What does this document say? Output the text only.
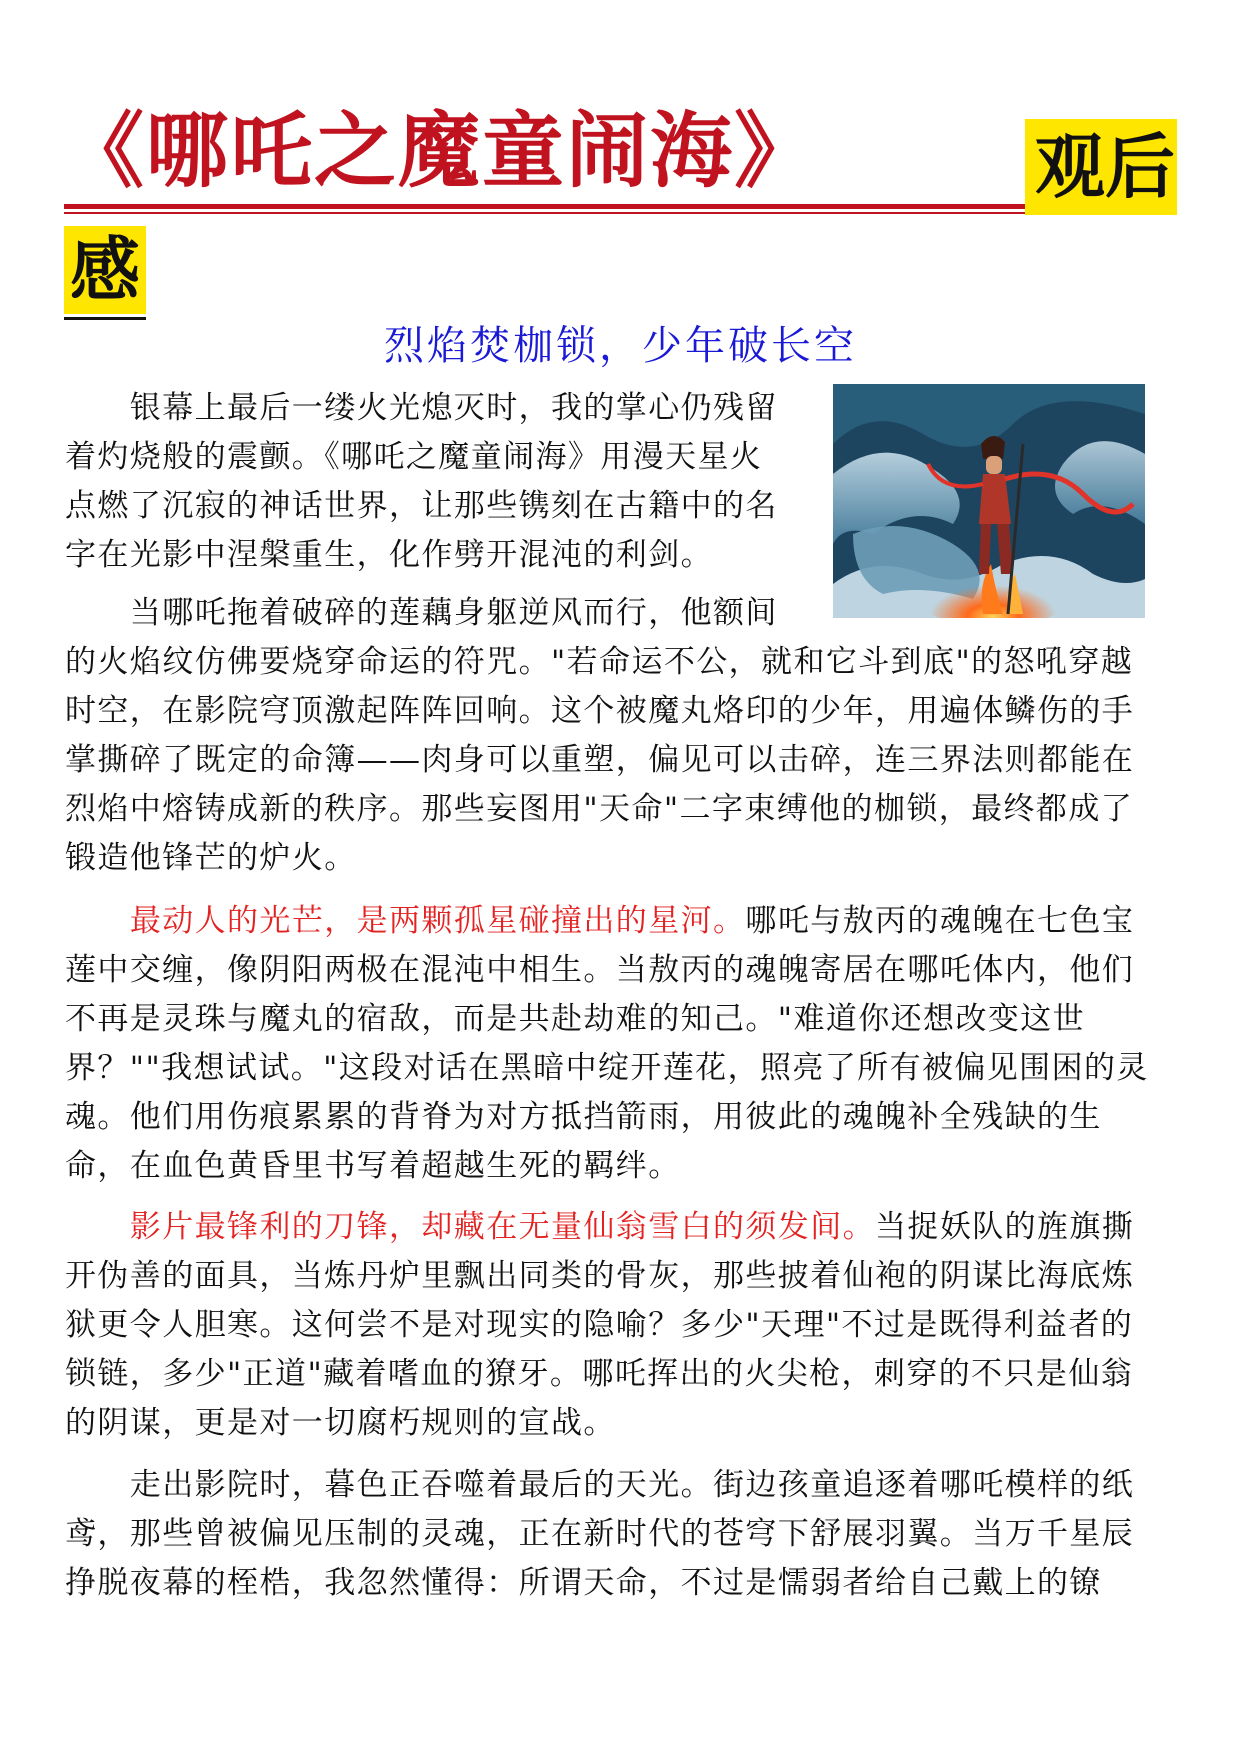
《哪吒之魔童闹海》	观后
感
烈焰焚枷锁，少年破长空
　　银幕上最后一缕火光熄灭时，我的掌心仍残留
着灼烧般的震颤。《哪吒之魔童闹海》用漫天星火
点燃了沉寂的神话世界，让那些镌刻在古籍中的名
字在光影中涅槃重生，化作劈开混沌的利剑。
　　当哪吒拖着破碎的莲藕身躯逆风而行，他额间
的火焰纹仿佛要烧穿命运的符咒。"若命运不公，就和它斗到底"的怒吼穿越
时空，在影院穹顶激起阵阵回响。这个被魔丸烙印的少年，用遍体鳞伤的手
掌撕碎了既定的命簿——肉身可以重塑，偏见可以击碎，连三界法则都能在
烈焰中熔铸成新的秩序。那些妄图用"天命"二字束缚他的枷锁，最终都成了
锻造他锋芒的炉火。
　　最动人的光芒，是两颗孤星碰撞出的星河。哪吒与敖丙的魂魄在七色宝
莲中交缠，像阴阳两极在混沌中相生。当敖丙的魂魄寄居在哪吒体内，他们
不再是灵珠与魔丸的宿敌，而是共赴劫难的知己。"难道你还想改变这世
界？""我想试试。"这段对话在黑暗中绽开莲花，照亮了所有被偏见围困的灵
魂。他们用伤痕累累的背脊为对方抵挡箭雨，用彼此的魂魄补全残缺的生
命，在血色黄昏里书写着超越生死的羁绊。
　　影片最锋利的刀锋，却藏在无量仙翁雪白的须发间。当捉妖队的旌旗撕
开伪善的面具，当炼丹炉里飘出同类的骨灰，那些披着仙袍的阴谋比海底炼
狱更令人胆寒。这何尝不是对现实的隐喻？多少"天理"不过是既得利益者的
锁链，多少"正道"藏着嗜血的獠牙。哪吒挥出的火尖枪，刺穿的不只是仙翁
的阴谋，更是对一切腐朽规则的宣战。
　　走出影院时，暮色正吞噬着最后的天光。街边孩童追逐着哪吒模样的纸
鸢，那些曾被偏见压制的灵魂，正在新时代的苍穹下舒展羽翼。当万千星辰
挣脱夜幕的桎梏，我忽然懂得：所谓天命，不过是懦弱者给自己戴上的镣
